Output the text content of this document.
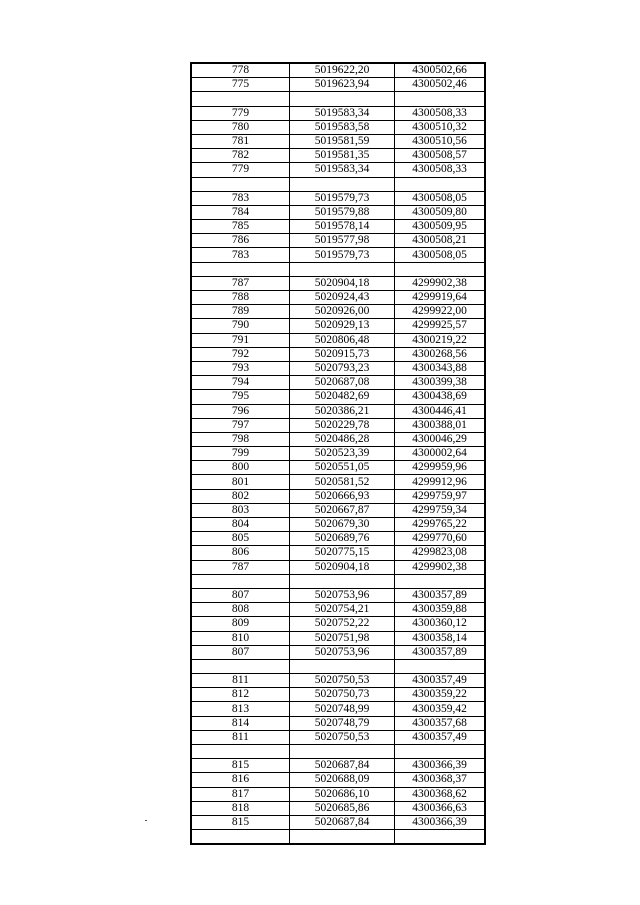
778	5019622,20	4300502,66
775	5019623,94	4300502,46

779	5019583,34	4300508,33
780	5019583,58	4300510,32
781	5019581,59	4300510,56
782	5019581,35	4300508,57
779	5019583,34	4300508,33

783	5019579,73	4300508,05
784	5019579,88	4300509,80
785	5019578,14	4300509,95
786	5019577,98	4300508,21
783	5019579,73	4300508,05

787	5020904,18	4299902,38
788	5020924,43	4299919,64
789	5020926,00	4299922,00
790	5020929,13	4299925,57
791	5020806,48	4300219,22
792	5020915,73	4300268,56
793	5020793,23	4300343,88
794	5020687,08	4300399,38
795	5020482,69	4300438,69
796	5020386,21	4300446,41
797	5020229,78	4300388,01
798	5020486,28	4300046,29
799	5020523,39	4300002,64
800	5020551,05	4299959,96
801	5020581,52	4299912,96
802	5020666,93	4299759,97
803	5020667,87	4299759,34
804	5020679,30	4299765,22
805	5020689,76	4299770,60
806	5020775,15	4299823,08
787	5020904,18	4299902,38

807	5020753,96	4300357,89
808	5020754,21	4300359,88
809	5020752,22	4300360,12
810	5020751,98	4300358,14
807	5020753,96	4300357,89

811	5020750,53	4300357,49
812	5020750,73	4300359,22
813	5020748,99	4300359,42
814	5020748,79	4300357,68
811	5020750,53	4300357,49

815	5020687,84	4300366,39
816	5020688,09	4300368,37
817	5020686,10	4300368,62
818	5020685,86	4300366,63
815	5020687,84	4300366,39
